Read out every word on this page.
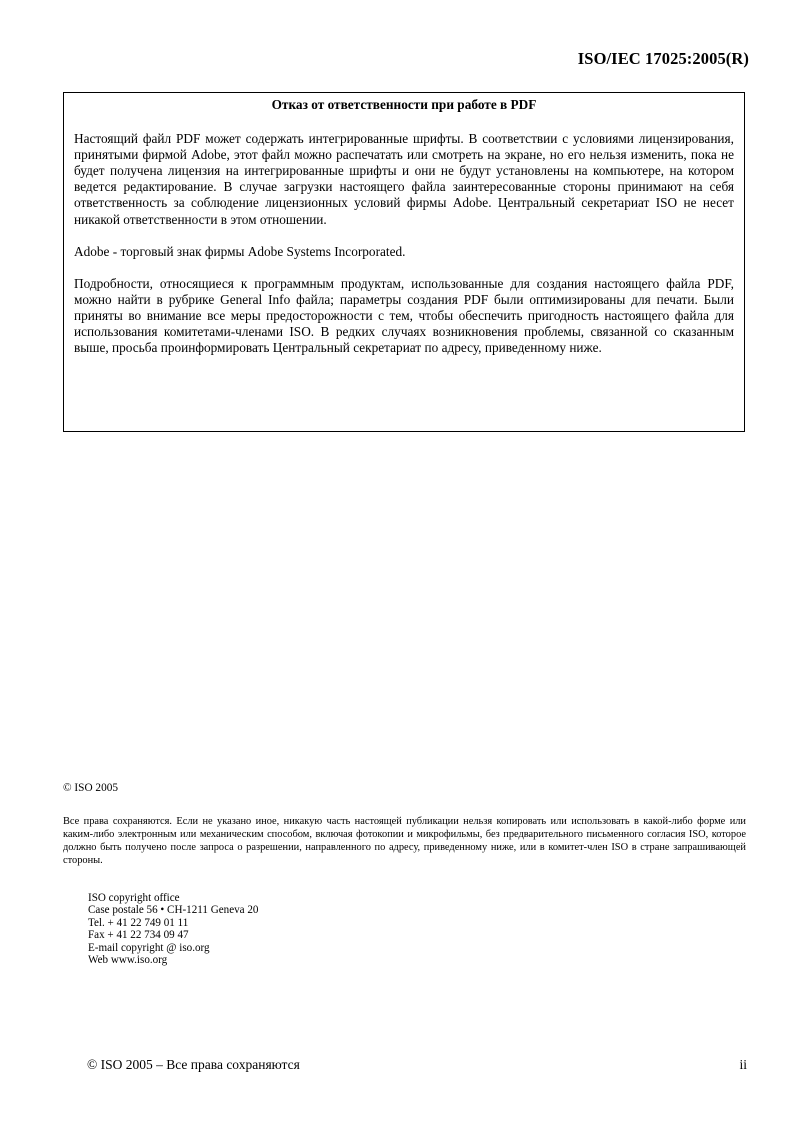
ISO/IEC 17025:2005(R)

Отказ от ответственности при работе в PDF

Настоящий файл PDF может содержать интегрированные шрифты. В соответствии с условиями лицензирования, принятыми фирмой Adobe, этот файл можно распечатать или смотреть на экране, но его нельзя изменить, пока не будет получена лицензия на интегрированные шрифты и они не будут установлены на компьютере, на котором ведется редактирование. В случае загрузки настоящего файла заинтересованные стороны принимают на себя ответственность за соблюдение лицензионных условий фирмы Adobe. Центральный секретариат ISO не несет никакой ответственности в этом отношении.

Adobe - торговый знак фирмы Adobe Systems Incorporated.

Подробности, относящиеся к программным продуктам, использованные для создания настоящего файла PDF, можно найти в рубрике General Info файла; параметры создания PDF были оптимизированы для печати. Были приняты во внимание все меры предосторожности с тем, чтобы обеспечить пригодность настоящего файла для использования комитетами-членами ISO. В редких случаях возникновения проблемы, связанной со сказанным выше, просьба проинформировать Центральный секретариат по адресу, приведенному ниже.

© ISO 2005

Все права сохраняются. Если не указано иное, никакую часть настоящей публикации нельзя копировать или использовать в какой-либо форме или каким-либо электронным или механическим способом, включая фотокопии и микрофильмы, без предварительного письменного согласия ISO, которое должно быть получено после запроса о разрешении, направленного по адресу, приведенному ниже, или в комитет-член ISO в стране запрашивающей стороны.

ISO copyright office
Case postale 56 • CH-1211 Geneva 20
Tel. + 41 22 749 01 11
Fax + 41 22 734 09 47
E-mail copyright @ iso.org
Web www.iso.org
© ISO 2005 – Все права сохраняются	ii
